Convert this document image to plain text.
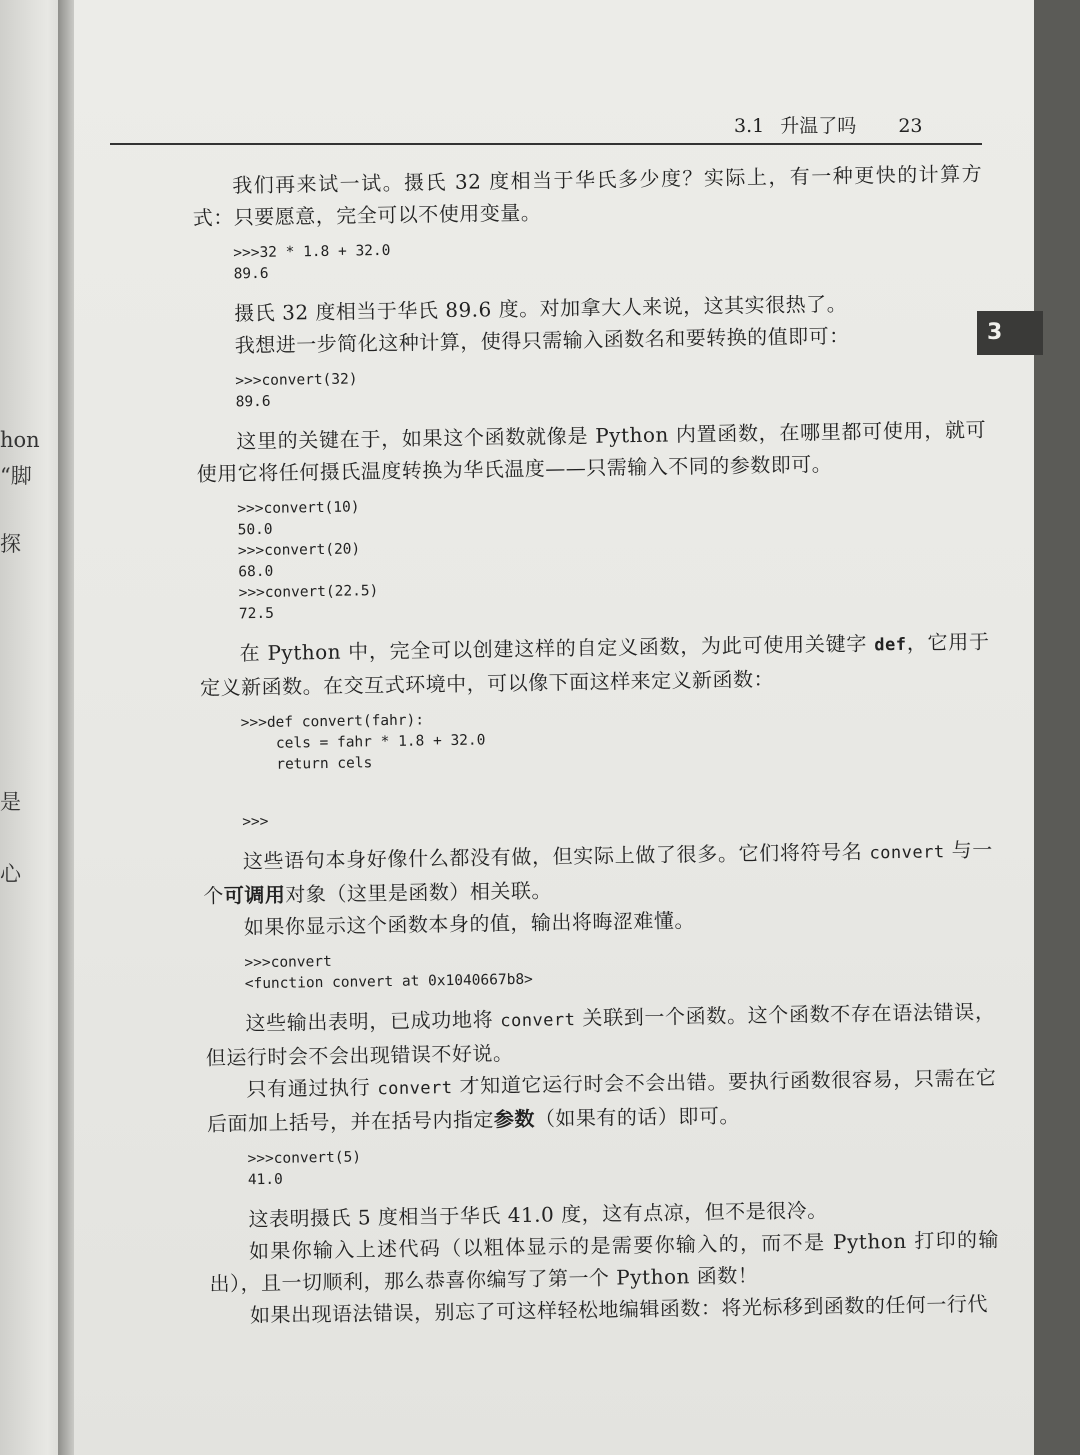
hon
“脚
探
是
心
3.1 升温了吗 23
3

我们再来试一试。摄氏 32 度相当于华氏多少度？实际上，有一种更快的计算方式：只要愿意，完全可以不使用变量。

>>>32 * 1.8 + 32.0
89.6

摄氏 32 度相当于华氏 89.6 度。对加拿大人来说，这其实很热了。

我想进一步简化这种计算，使得只需输入函数名和要转换的值即可：

>>>convert(32)
89.6

这里的关键在于，如果这个函数就像是 Python 内置函数，在哪里都可使用，就可使用它将任何摄氏温度转换为华氏温度——只需输入不同的参数即可。

>>>convert(10)
50.0
>>>convert(20)
68.0
>>>convert(22.5)
72.5

在 Python 中，完全可以创建这样的自定义函数，为此可使用关键字 def，它用于定义新函数。在交互式环境中，可以像下面这样来定义新函数：

>>>def convert(fahr):
cels = fahr * 1.8 + 32.0
return cels
>>>

这些语句本身好像什么都没有做，但实际上做了很多。它们将符号名 convert 与一个可调用对象（这里是函数）相关联。

如果你显示这个函数本身的值，输出将晦涩难懂。

>>>convert
<function convert at 0x1040667b8>

这些输出表明，已成功地将 convert 关联到一个函数。这个函数不存在语法错误，但运行时会不会出现错误不好说。

只有通过执行 convert 才知道它运行时会不会出错。要执行函数很容易，只需在它后面加上括号，并在括号内指定参数（如果有的话）即可。

>>>convert(5)
41.0

这表明摄氏 5 度相当于华氏 41.0 度，这有点凉，但不是很冷。

如果你输入上述代码（以粗体显示的是需要你输入的，而不是 Python 打印的输出），且一切顺利，那么恭喜你编写了第一个 Python 函数！

如果出现语法错误，别忘了可这样轻松地编辑函数：将光标移到函数的任何一行代
